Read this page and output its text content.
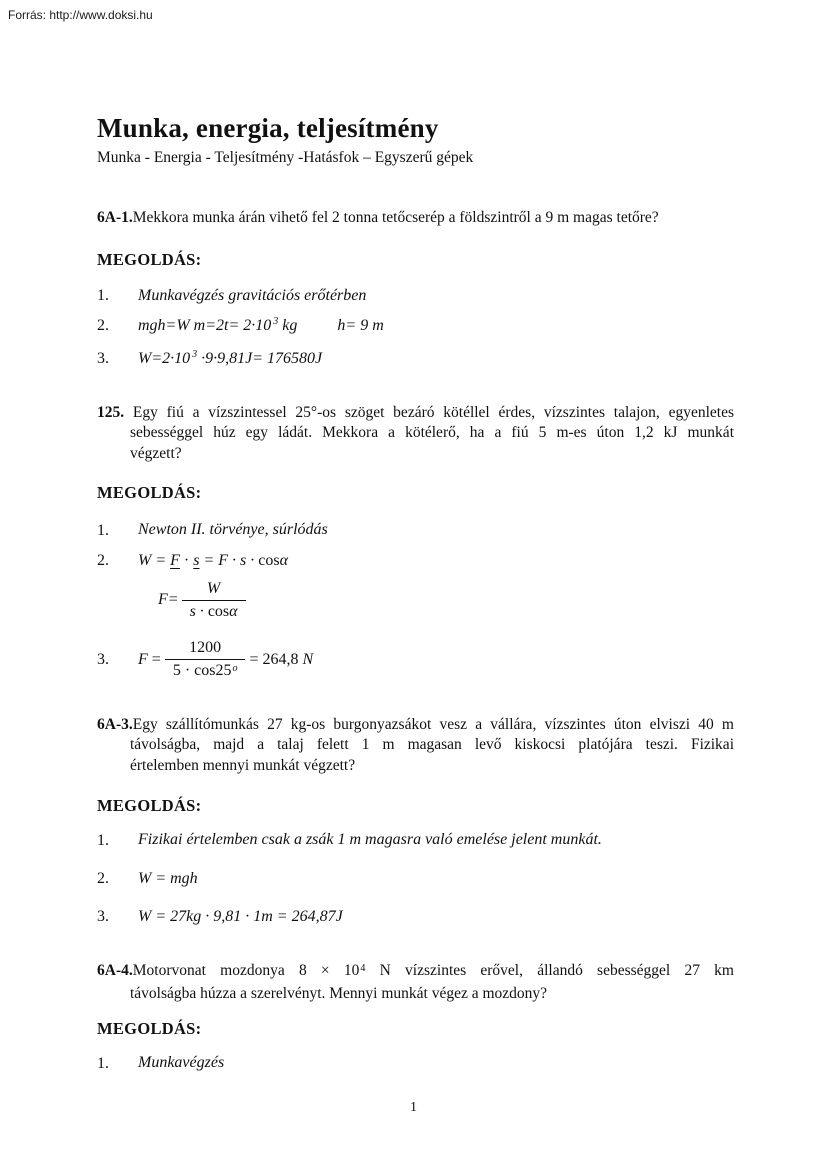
Forrás: http://www.doksi.hu
Munka, energia, teljesítmény
Munka - Energia - Teljesítmény -Hatásfok – Egyszerű gépek
6A-1.Mekkora munka árán vihető fel 2 tonna tetőcserép a földszintről a 9 m magas tetőre?
MEGOLDÁS:
1. Munkavégzés gravitációs erőtérben
2. mgh=W m=2t= 2·10 $^3$ kg	h= 9 m
3. W=2·10 $^3$ ·9·9,81J= 176580J
125. Egy fiú a vízszintessel 25°-os szöget bezáró kötéllel érdes, vízszintes talajon, egyenletes
sebességgel húz egy ládát. Mekkora a kötélerő, ha a fiú 5 m-es úton 1,2 kJ munkát
végzett?
MEGOLDÁS:
1. Newton II. törvénye, súrlódás
2. W = F · s = F · s · cosα
$F= \frac{W}{s \cdot \cos\alpha}$
3.	$F = \frac{1200}{5 \cdot \cos 25^o} = 264,8$ N
6A-3.Egy szállítómunkás 27 kg-os burgonyazsákot vesz a vállára, vízszintes úton elviszi 40 m
távolságba, majd a talaj felett 1 m magasan levő kiskocsi platójára teszi. Fizikai
értelemben mennyi munkát végzett?
MEGOLDÁS:
1. Fizikai értelemben csak a zsák 1 m magasra való emelése jelent munkát.
2. W = mgh
3. W = 27kg · 9,81 · 1m = 264,87J
6A-4.Motorvonat mozdonya $8 \times 10^4$ N vízszintes erővel, állandó sebességgel 27 km
távolságba húzza a szerelvényt. Mennyi munkát végez a mozdony?
MEGOLDÁS:
1. Munkavégzés
1
